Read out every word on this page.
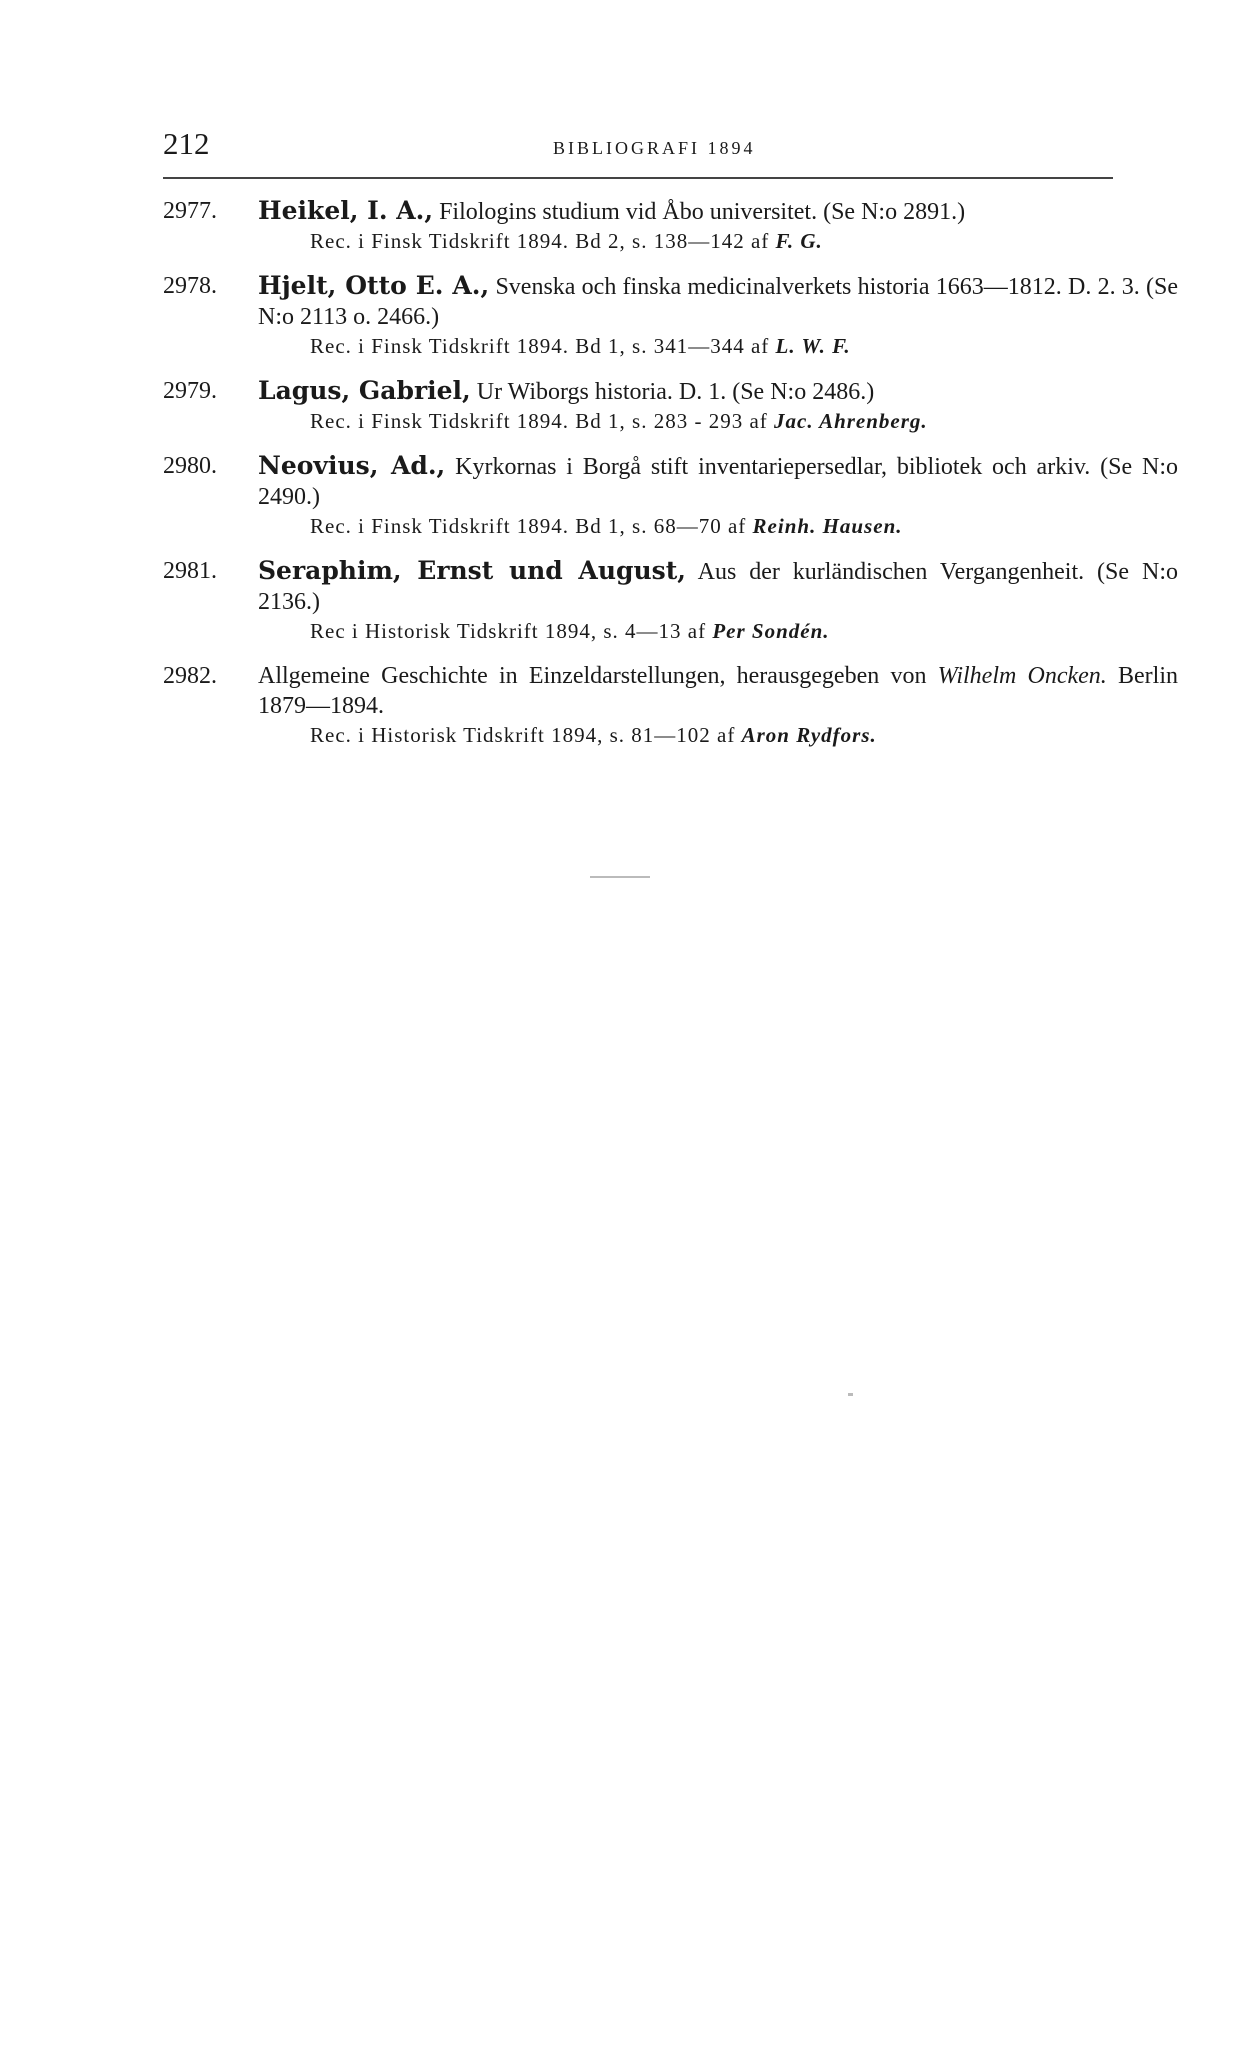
212	BIBLIOGRAFI 1894
2977. Heikel, I. A., Filologins studium vid Åbo universitet. (Se N:o 2891.)
Rec. i Finsk Tidskrift 1894. Bd 2, s. 138—142 af F. G.
2978. Hjelt, Otto E. A., Svenska och finska medicinalverkets historia 1663—1812. D. 2. 3. (Se N:o 2113 o. 2466.)
Rec. i Finsk Tidskrift 1894. Bd 1, s. 341—344 af L. W. F.
2979. Lagus, Gabriel, Ur Wiborgs historia. D. 1. (Se N:o 2486.)
Rec. i Finsk Tidskrift 1894. Bd 1, s. 283 - 293 af Jac. Ahrenberg.
2980. Neovius, Ad., Kyrkornas i Borgå stift inventariepersedlar, bibliotek och arkiv. (Se N:o 2490.)
Rec. i Finsk Tidskrift 1894. Bd 1, s. 68—70 af Reinh. Hausen.
2981. Seraphim, Ernst und August, Aus der kurländischen Vergangenheit. (Se N:o 2136.)
Rec i Historisk Tidskrift 1894, s. 4—13 af Per Sondén.
2982. Allgemeine Geschichte in Einzeldarstellungen, herausgegeben von Wilhelm Oncken. Berlin 1879—1894.
Rec. i Historisk Tidskrift 1894, s. 81—102 af Aron Rydfors.
